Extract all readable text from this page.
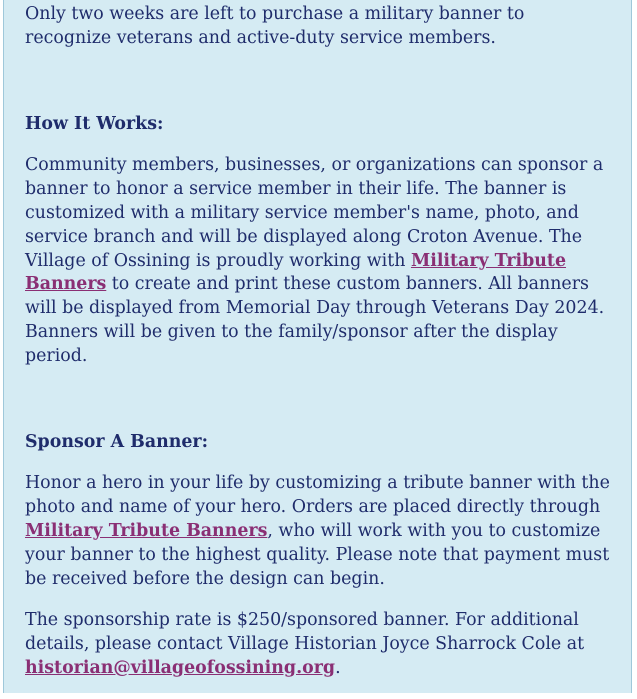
Only two weeks are left to purchase a military banner to recognize veterans and active-duty service members.

How It Works:

Community members, businesses, or organizations can sponsor a banner to honor a service member in their life. The banner is customized with a military service member's name, photo, and service branch and will be displayed along Croton Avenue. The Village of Ossining is proudly working with Military Tribute Banners to create and print these custom banners. All banners will be displayed from Memorial Day through Veterans Day 2024. Banners will be given to the family/sponsor after the display period.

Sponsor A Banner:

Honor a hero in your life by customizing a tribute banner with the photo and name of your hero. Orders are placed directly through Military Tribute Banners, who will work with you to customize your banner to the highest quality. Please note that payment must be received before the design can begin.

The sponsorship rate is $250/sponsored banner. For additional details, please contact Village Historian Joyce Sharrock Cole at historian@villageofossining.org.
